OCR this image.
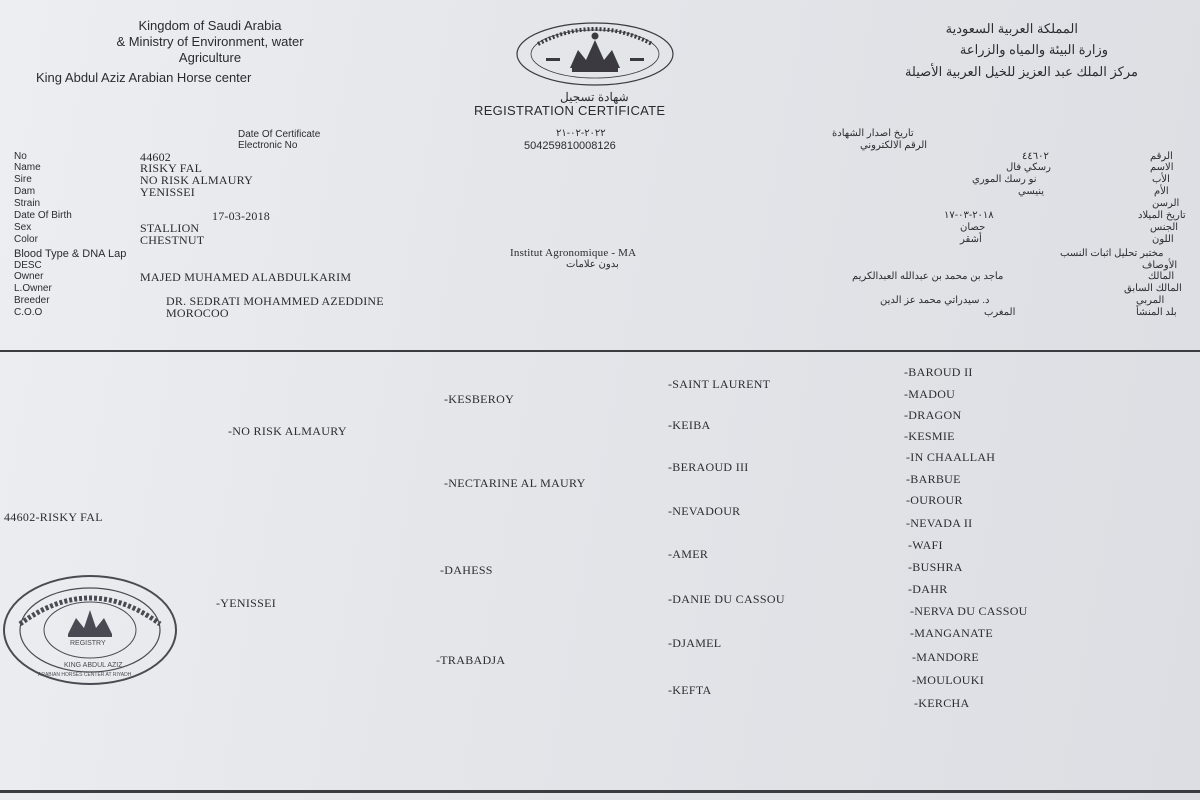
Kingdom of Saudi Arabia
& Ministry of Environment, water
Agriculture
King Abdul Aziz Arabian Horse center
المملكة العربية السعودية
وزارة البيئة والمياه والزراعة
مركز الملك عبد العزيز للخيل العربية الأصيلة
شهادة تسجيل
REGISTRATION CERTIFICATE
Date Of Certificate	٢٠٢٢-٠٢-٢١	تاريخ اصدار الشهادة
Electronic No	504259810008126	الرقم الالكتروني
No	44602	٤٤٦٠٢	الرقم
Name	RISKY FAL	رسكي فال	الاسم
Sire	NO RISK ALMAURY	نو رسك الموري	الأب
Dam	YENISSEI	ينيسي	الأم
Strain	الرسن
Date Of Birth	17-03-2018	٢٠١٨-٠٣-١٧	تاريخ الميلاد
Sex	STALLION	حصان	الجنس
Color	CHESTNUT	أشقر	اللون
Blood Type & DNA Lap	Institut Agronomique - MA	مختبر تحليل اثبات النسب
DESC	بدون علامات	الأوصاف
Owner	MAJED MUHAMED ALABDULKARIM	ماجد بن محمد بن عبدالله العبدالكريم	المالك
L.Owner	المالك السابق
Breeder	DR. SEDRATI MOHAMMED AZEDDINE	د. سيدراتي محمد عز الدين	المربي
C.O.O	MOROCOO	المغرب	بلد المنشأ
44602-RISKY FAL
-NO RISK ALMAURY
-YENISSEI
-KESBEROY
-NECTARINE AL MAURY
-DAHESS
-TRABADJA
-SAINT LAURENT
-KEIBA
-BERAOUD III
-NEVADOUR
-AMER
-DANIE DU CASSOU
-DJAMEL
-KEFTA
-BAROUD II
-MADOU
-DRAGON
-KESMIE
-IN CHAALLAH
-BARBUE
-OUROUR
-NEVADA II
-WAFI
-BUSHRA
-DAHR
-NERVA DU CASSOU
-MANGANATE
-MANDORE
-MOULOUKI
-KERCHA
REGISTRY
KING ABDUL AZIZ
ARABIAN HORSES CENTER AT RIYADH
